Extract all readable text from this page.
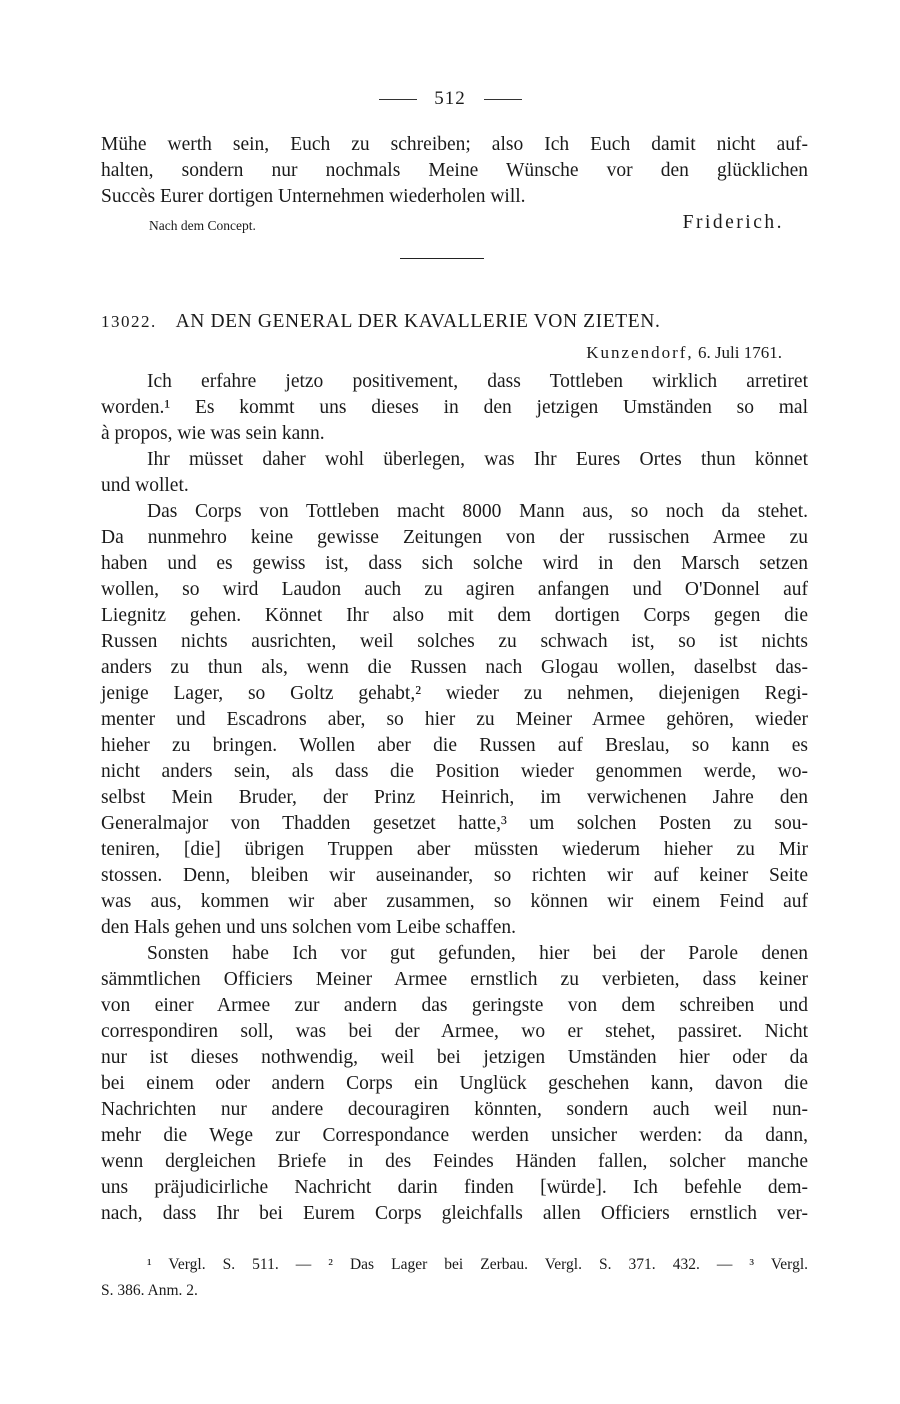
512
Mühe werth sein, Euch zu schreiben; also Ich Euch damit nicht auf-
halten, sondern nur nochmals Meine Wünsche vor den glücklichen
Succès Eurer dortigen Unternehmen wiederholen will.
Nach dem Concept.	Friderich.
13022. AN DEN GENERAL DER KAVALLERIE VON ZIETEN.
Kunzendorf, 6. Juli 1761.
Ich erfahre jetzo positivement, dass Tottleben wirklich arretiret
worden.¹ Es kommt uns dieses in den jetzigen Umständen so mal
à propos, wie was sein kann.
Ihr müsset daher wohl überlegen, was Ihr Eures Ortes thun könnet
und wollet.
Das Corps von Tottleben macht 8000 Mann aus, so noch da stehet.
Da nunmehro keine gewisse Zeitungen von der russischen Armee zu
haben und es gewiss ist, dass sich solche wird in den Marsch setzen
wollen, so wird Laudon auch zu agiren anfangen und O'Donnel auf
Liegnitz gehen. Könnet Ihr also mit dem dortigen Corps gegen die
Russen nichts ausrichten, weil solches zu schwach ist, so ist nichts
anders zu thun als, wenn die Russen nach Glogau wollen, daselbst das-
jenige Lager, so Goltz gehabt,² wieder zu nehmen, diejenigen Regi-
menter und Escadrons aber, so hier zu Meiner Armee gehören, wieder
hieher zu bringen. Wollen aber die Russen auf Breslau, so kann es
nicht anders sein, als dass die Position wieder genommen werde, wo-
selbst Mein Bruder, der Prinz Heinrich, im verwichenen Jahre den
Generalmajor von Thadden gesetzet hatte,³ um solchen Posten zu sou-
teniren, [die] übrigen Truppen aber müssten wiederum hieher zu Mir
stossen. Denn, bleiben wir auseinander, so richten wir auf keiner Seite
was aus, kommen wir aber zusammen, so können wir einem Feind auf
den Hals gehen und uns solchen vom Leibe schaffen.
Sonsten habe Ich vor gut gefunden, hier bei der Parole denen
sämmtlichen Officiers Meiner Armee ernstlich zu verbieten, dass keiner
von einer Armee zur andern das geringste von dem schreiben und
correspondiren soll, was bei der Armee, wo er stehet, passiret. Nicht
nur ist dieses nothwendig, weil bei jetzigen Umständen hier oder da
bei einem oder andern Corps ein Unglück geschehen kann, davon die
Nachrichten nur andere decouragiren könnten, sondern auch weil nun-
mehr die Wege zur Correspondance werden unsicher werden: da dann,
wenn dergleichen Briefe in des Feindes Händen fallen, solcher manche
uns präjudicirliche Nachricht darin finden [würde]. Ich befehle dem-
nach, dass Ihr bei Eurem Corps gleichfalls allen Officiers ernstlich ver-
¹ Vergl. S. 511. — ² Das Lager bei Zerbau. Vergl. S. 371. 432. — ³ Vergl.
S. 386. Anm. 2.
